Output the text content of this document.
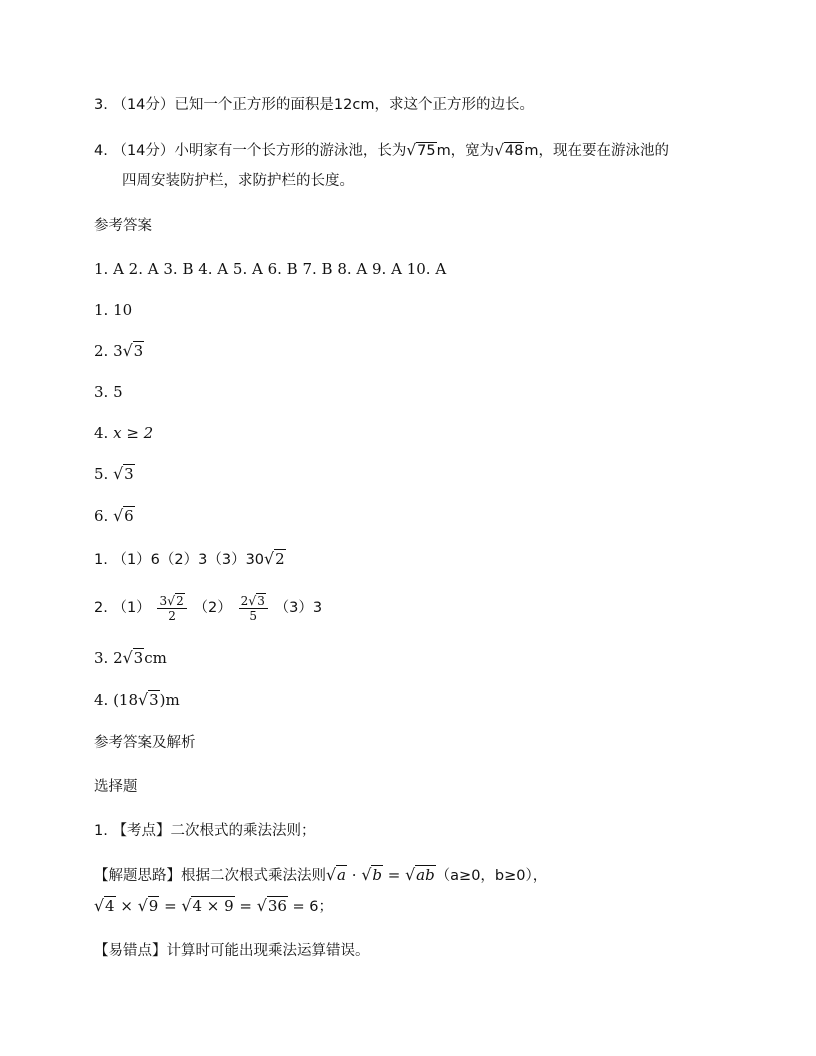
3. （14分）已知一个正方形的面积是12cm，求这个正方形的边长。
4. （14分）小明家有一个长方形的游泳池，长为√75m，宽为√48m，现在要在游泳池的
四周安装防护栏，求防护栏的长度。
参考答案
1. A 2. A 3. B 4. A 5. A 6. B 7. B 8. A 9. A 10. A
1. 10
2. 3√3
3. 5
4. x ≥ 2
5. √3
6. √6
1. （1）6（2）3（3）30√2
2. $(1) \frac{3√2}{2} (2) \frac{2√3}{5} (3)3$
3. 2√3cm
4. (18√3)m
参考答案及解析
选择题
1. 【考点】二次根式的乘法法则；
【解题思路】根据二次根式乘法法则√a · √b = √ab（a≥0，b≥0），
√4 × √9 = √4 × 9 = √36 = 6；
【易错点】计算时可能出现乘法运算错误。
